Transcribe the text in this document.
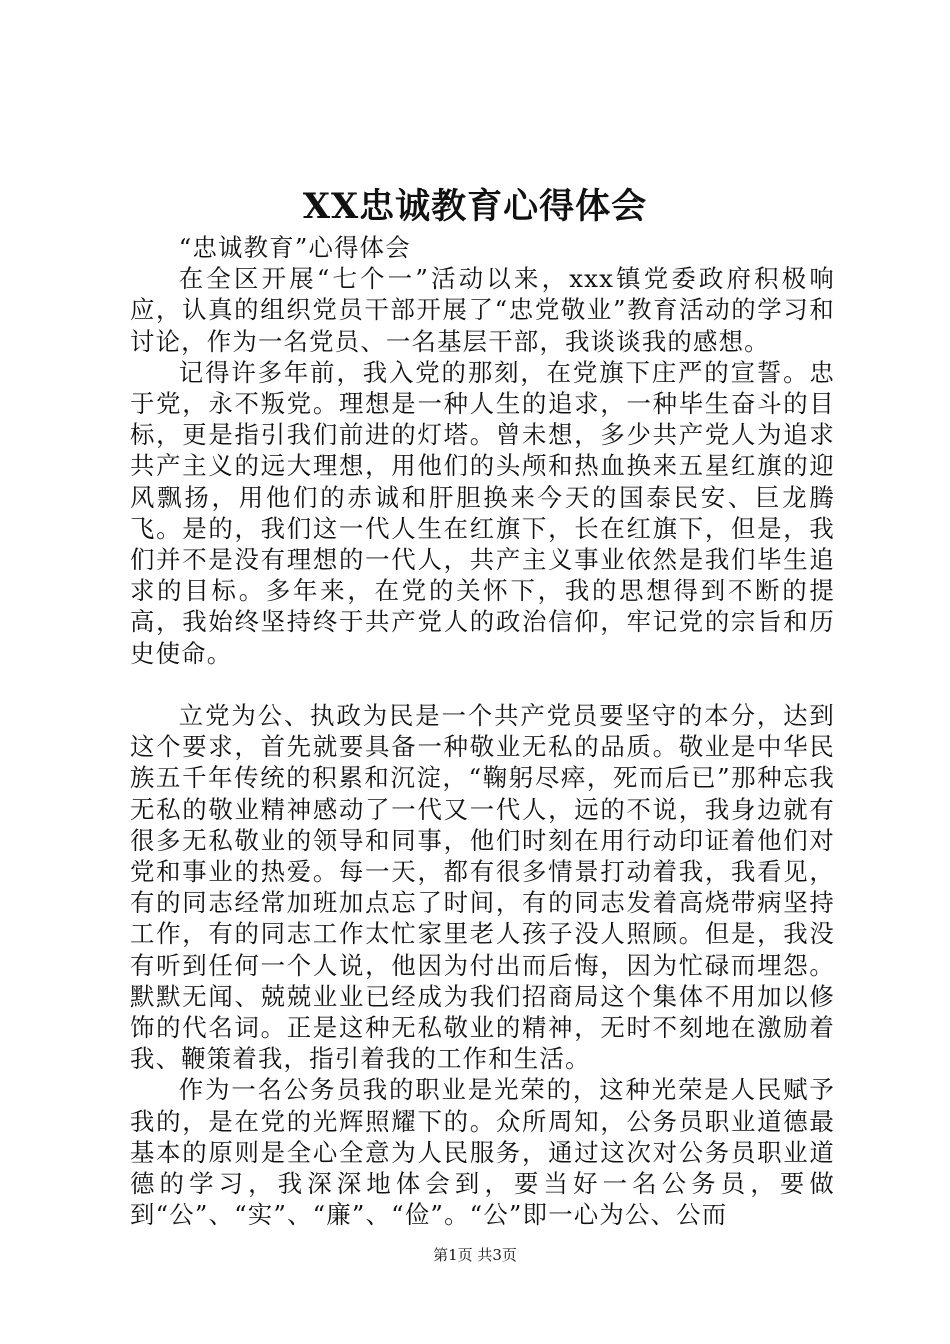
XX忠诚教育心得体会

“忠诚教育”心得体会

在全区开展“七个一”活动以来，xxx镇党委政府积极响应，认真的组织党员干部开展了“忠党敬业”教育活动的学习和讨论，作为一名党员、一名基层干部，我谈谈我的感想。

记得许多年前，我入党的那刻，在党旗下庄严的宣誓。忠于党，永不叛党。理想是一种人生的追求，一种毕生奋斗的目标，更是指引我们前进的灯塔。曾未想，多少共产党人为追求共产主义的远大理想，用他们的头颅和热血换来五星红旗的迎风飘扬，用他们的赤诚和肝胆换来今天的国泰民安、巨龙腾飞。是的，我们这一代人生在红旗下，长在红旗下，但是，我们并不是没有理想的一代人，共产主义事业依然是我们毕生追求的目标。多年来，在党的关怀下，我的思想得到不断的提高，我始终坚持终于共产党人的政治信仰，牢记党的宗旨和历史使命。

立党为公、执政为民是一个共产党员要坚守的本分，达到这个要求，首先就要具备一种敬业无私的品质。敬业是中华民族五千年传统的积累和沉淀，“鞠躬尽瘁，死而后已”那种忘我无私的敬业精神感动了一代又一代人，远的不说，我身边就有很多无私敬业的领导和同事，他们时刻在用行动印证着他们对党和事业的热爱。每一天，都有很多情景打动着我，我看见，有的同志经常加班加点忘了时间，有的同志发着高烧带病坚持工作，有的同志工作太忙家里老人孩子没人照顾。但是，我没有听到任何一个人说，他因为付出而后悔，因为忙碌而埋怨。默默无闻、兢兢业业已经成为我们招商局这个集体不用加以修饰的代名词。正是这种无私敬业的精神，无时不刻地在激励着我、鞭策着我，指引着我的工作和生活。

作为一名公务员我的职业是光荣的，这种光荣是人民赋予我的，是在党的光辉照耀下的。众所周知，公务员职业道德最基本的原则是全心全意为人民服务，通过这次对公务员职业道德的学习，我深深地体会到，要当好一名公务员，要做到“公”、“实”、“廉”、“俭”。“公”即一心为公、公而

第1页 共3页
